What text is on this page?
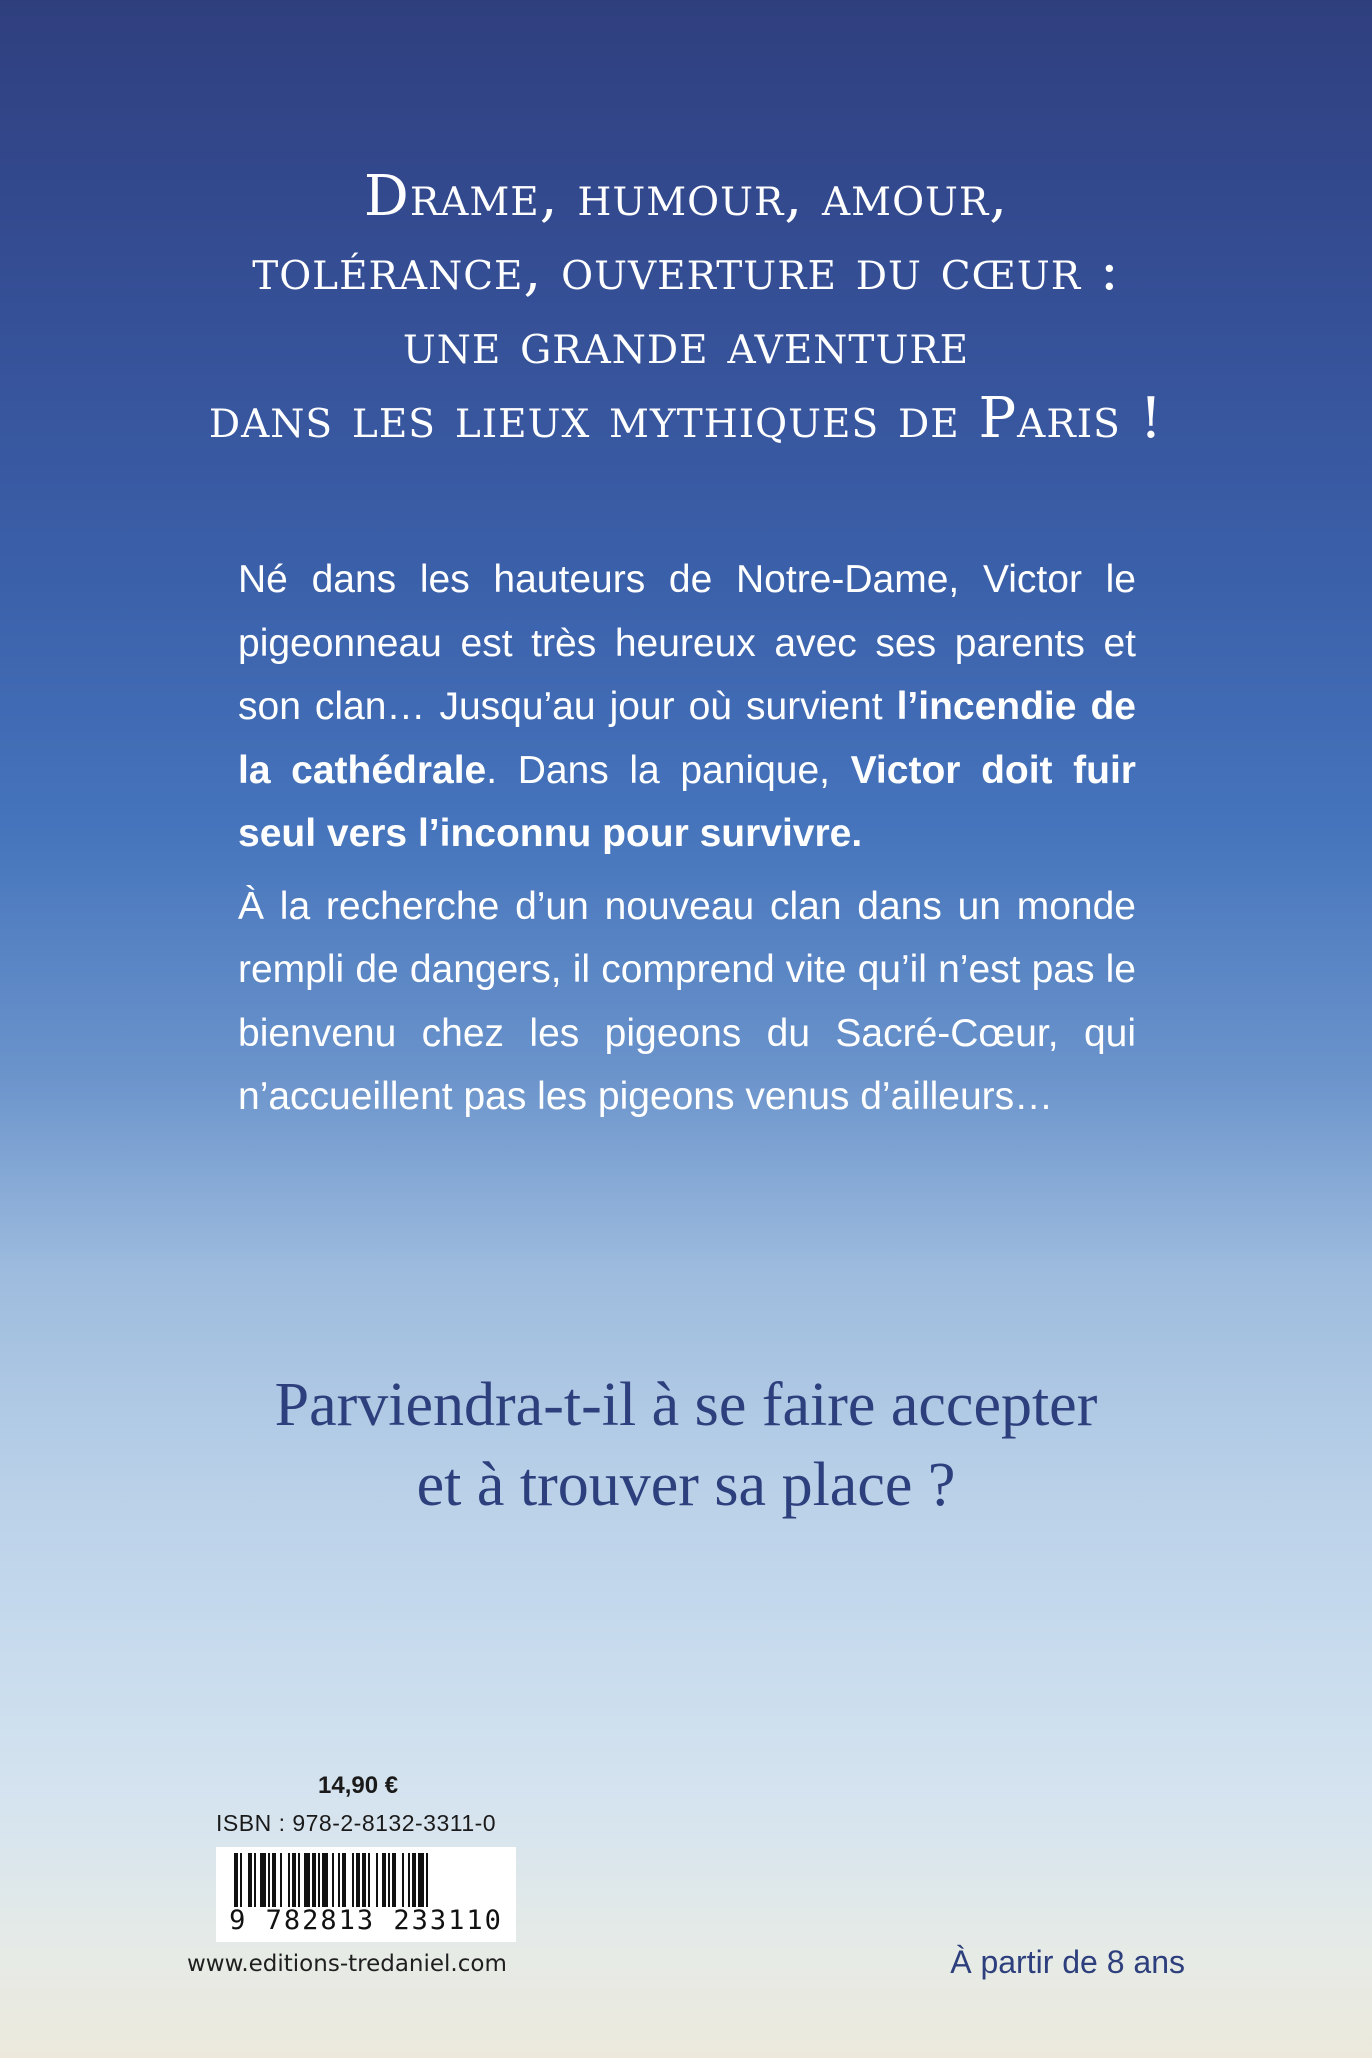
Drame, humour, amour,
tolérance, ouverture du cœur :
une grande aventure
dans les lieux mythiques de Paris !

Né dans les hauteurs de Notre-Dame, Victor le pigeonneau est très heureux avec ses parents et son clan… Jusqu’au jour où survient l’incendie de la cathédrale. Dans la panique, Victor doit fuir seul vers l’inconnu pour survivre.

À la recherche d’un nouveau clan dans un monde rempli de dangers, il comprend vite qu’il n’est pas le bienvenu chez les pigeons du Sacré-Cœur, qui n’accueillent pas les pigeons venus d’ailleurs…

Parviendra-t-il à se faire accepter
et à trouver sa place ?
14,90 €
ISBN : 978-2-8132-3311-0
9 782813 233110
www.editions-tredaniel.com	À partir de 8 ans
